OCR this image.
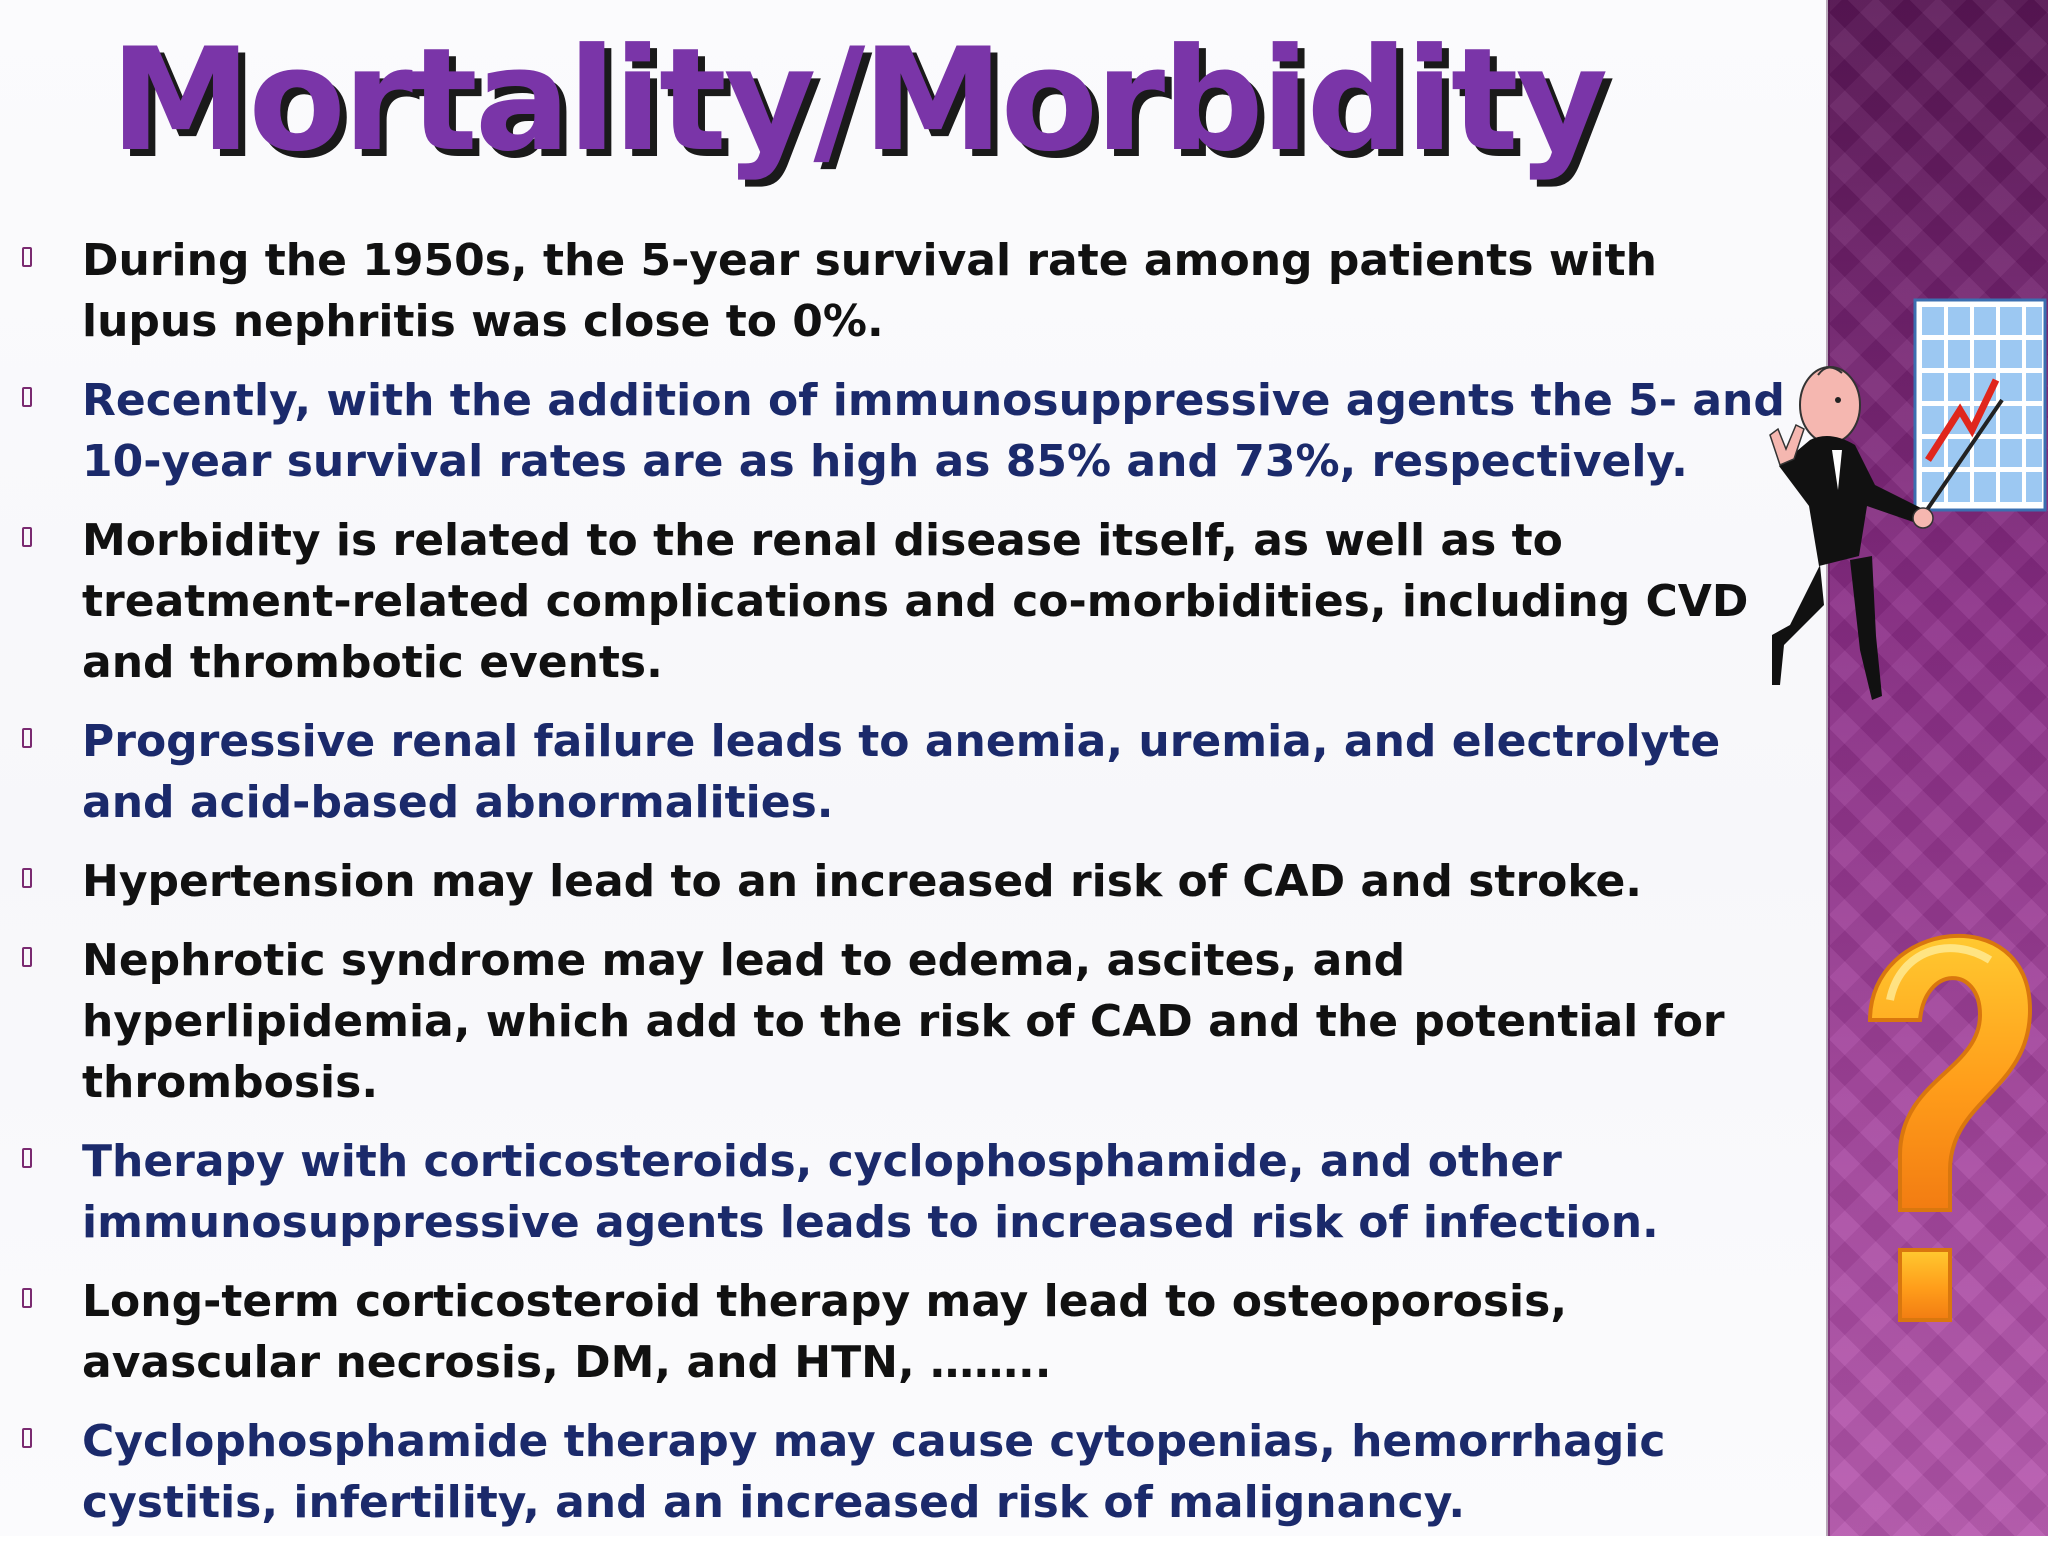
Mortality/Morbidity
During the 1950s, the 5-year survival rate among patients with lupus nephritis was close to 0%.
Recently, with the addition of immunosuppressive agents the 5- and 10-year survival rates are as high as 85% and 73%, respectively.
Morbidity is related to the renal disease itself, as well as to treatment-related complications and co-morbidities, including CVD and thrombotic events.
Progressive renal failure leads to anemia, uremia, and electrolyte and acid-based abnormalities.
Hypertension may lead to an increased risk of CAD and stroke.
Nephrotic syndrome may lead to edema, ascites, and hyperlipidemia, which add to the risk of CAD and the potential for thrombosis.
Therapy with corticosteroids, cyclophosphamide, and other immunosuppressive agents leads to increased risk of infection.
Long-term corticosteroid therapy may lead to osteoporosis, avascular necrosis, DM, and HTN, ……..
Cyclophosphamide therapy may cause cytopenias, hemorrhagic cystitis, infertility, and an increased risk of malignancy.
